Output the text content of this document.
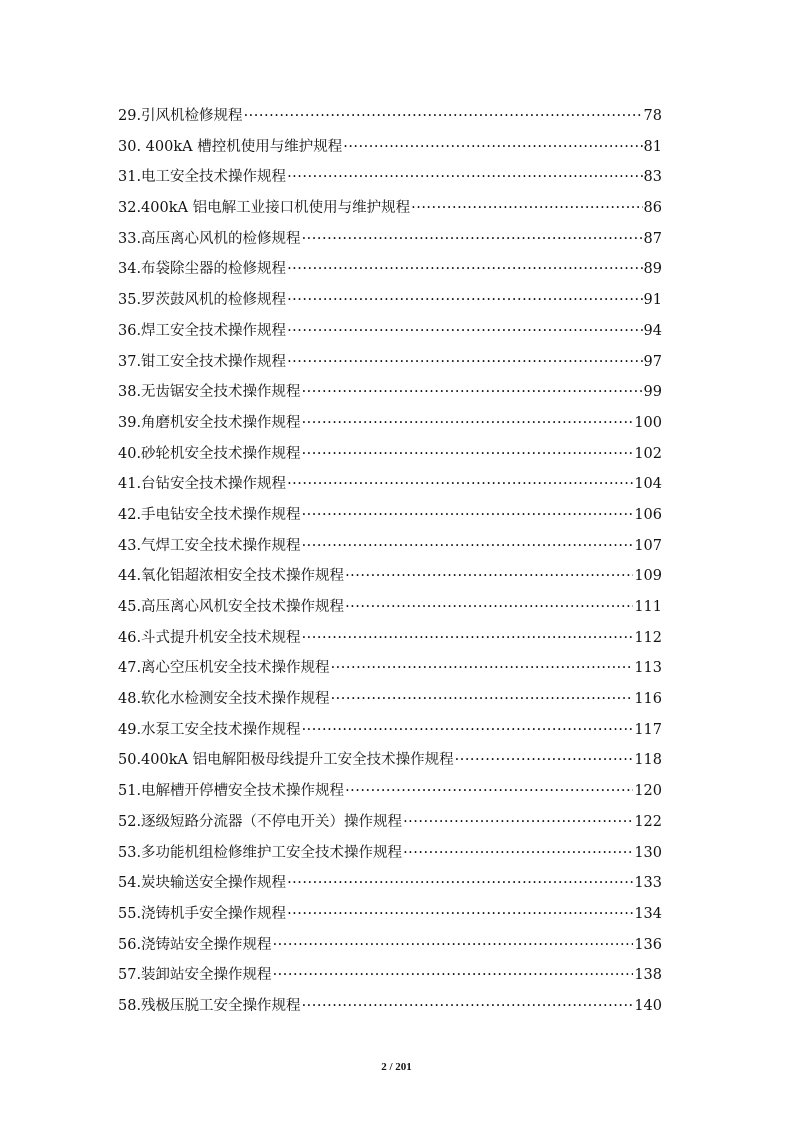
29.引风机检修规程 ·····	78
30. 400kA 槽控机使用与维护规程 ·····	81
31.电工安全技术操作规程 ·····	83
32.400kA 铝电解工业接口机使用与维护规程 ·····	86
33.高压离心风机的检修规程 ·····	87
34.布袋除尘器的检修规程 ·····	89
35.罗茨鼓风机的检修规程 ·····	91
36.焊工安全技术操作规程 ·····	94
37.钳工安全技术操作规程 ·····	97
38.无齿锯安全技术操作规程 ·····	99
39.角磨机安全技术操作规程 ·····	100
40.砂轮机安全技术操作规程 ·····	102
41.台钻安全技术操作规程 ·····	104
42.手电钻安全技术操作规程 ·····	106
43.气焊工安全技术操作规程 ·····	107
44.氧化铝超浓相安全技术操作规程 ·····	109
45.高压离心风机安全技术操作规程 ·····	111
46.斗式提升机安全技术规程 ·····	112
47.离心空压机安全技术操作规程 ·····	113
48.软化水检测安全技术操作规程 ·····	116
49.水泵工安全技术操作规程 ·····	117
50.400kA 铝电解阳极母线提升工安全技术操作规程 ·····	118
51.电解槽开停槽安全技术操作规程 ·····	120
52.逐级短路分流器（不停电开关）操作规程 ·····	122
53.多功能机组检修维护工安全技术操作规程 ·····	130
54.炭块输送安全操作规程 ·····	133
55.浇铸机手安全操作规程 ·····	134
56.浇铸站安全操作规程 ·····	136
57.装卸站安全操作规程 ·····	138
58.残极压脱工安全操作规程 ·····	140
2 / 201
